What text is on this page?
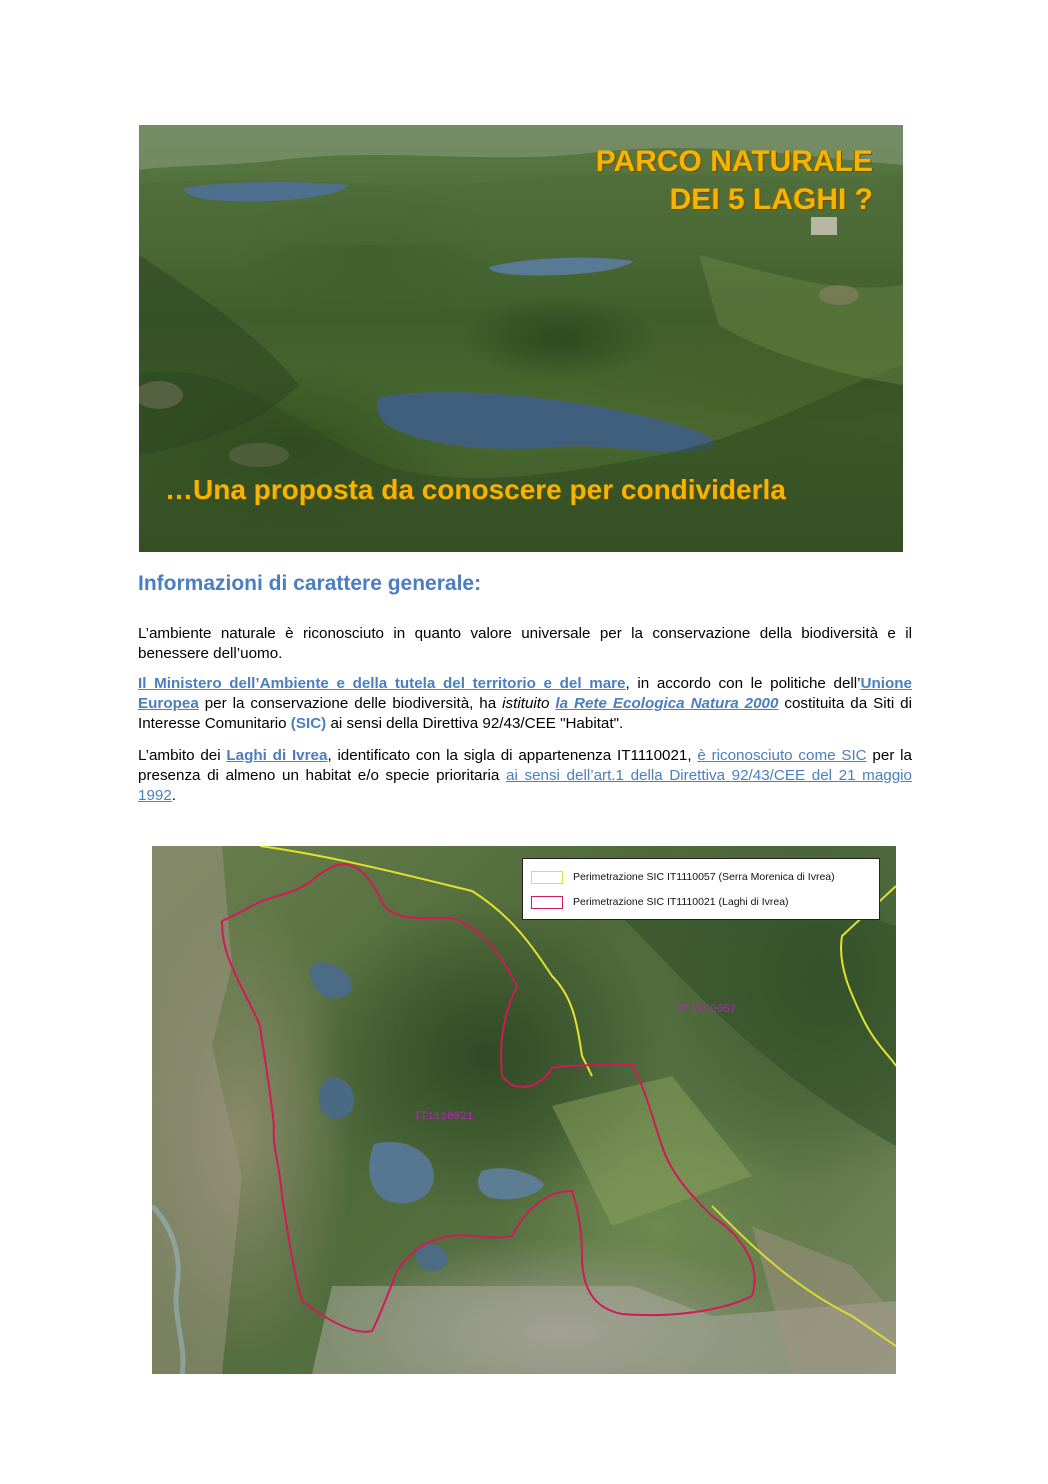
PARCO NATURALE
DEI 5 LAGHI ?
…Una proposta da conoscere per condividerla
Informazioni di carattere generale:
L’ambiente naturale è riconosciuto in quanto valore universale per la conservazione della biodiversità e il benessere dell’uomo.
Il Ministero dell’Ambiente e della tutela del territorio e del mare, in accordo con le politiche dell’Unione Europea per la conservazione delle biodiversità, ha istituito la Rete Ecologica Natura 2000 costituita da Siti di Interesse Comunitario (SIC) ai sensi della Direttiva 92/43/CEE "Habitat".
L’ambito dei Laghi di Ivrea, identificato con la sigla di appartenenza IT1110021, è riconosciuto come SIC per la presenza di almeno un habitat e/o specie prioritaria ai sensi dell’art.1 della Direttiva 92/43/CEE del 21 maggio 1992.
Perimetrazione SIC IT1110057 (Serra Morenica di Ivrea)
Perimetrazione SIC IT1110021 (Laghi di Ivrea)
IT1110057
IT1110021
